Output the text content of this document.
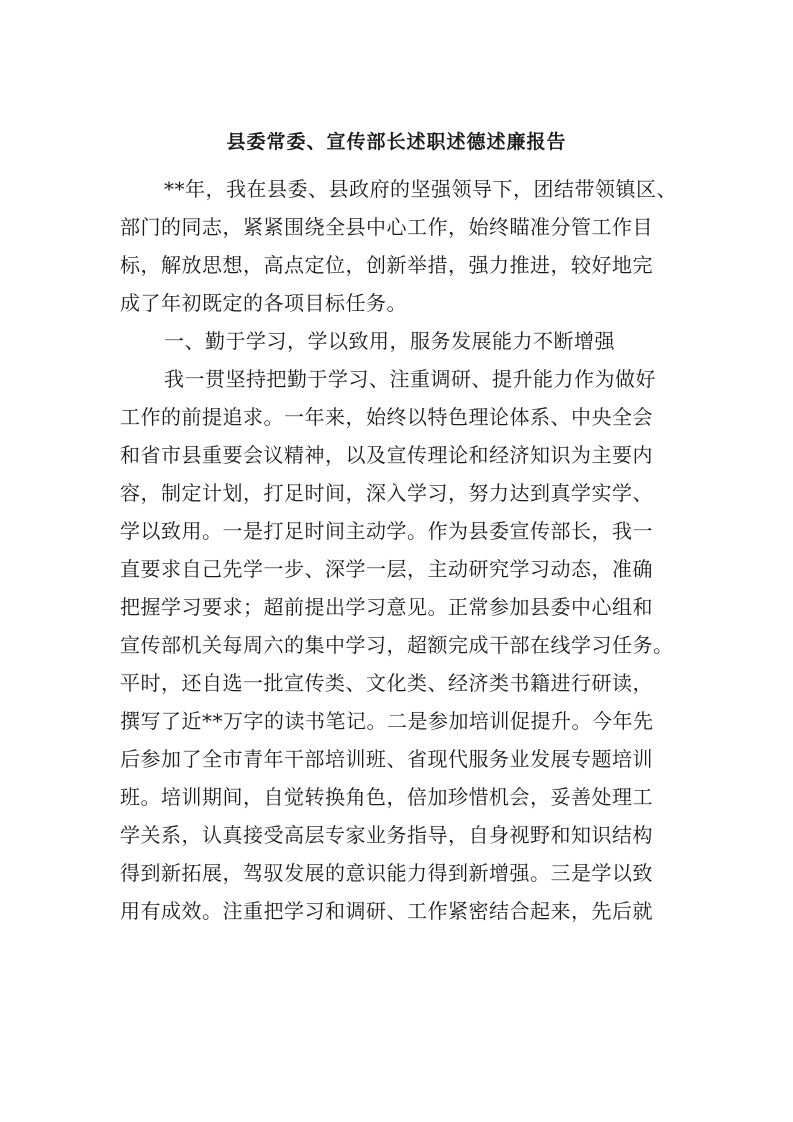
县委常委、宣传部长述职述德述廉报告
**年，我在县委、县政府的坚强领导下，团结带领镇区、
部门的同志，紧紧围绕全县中心工作，始终瞄准分管工作目
标，解放思想，高点定位，创新举措，强力推进，较好地完
成了年初既定的各项目标任务。
一、勤于学习，学以致用，服务发展能力不断增强
我一贯坚持把勤于学习、注重调研、提升能力作为做好
工作的前提追求。一年来，始终以特色理论体系、中央全会
和省市县重要会议精神，以及宣传理论和经济知识为主要内
容，制定计划，打足时间，深入学习，努力达到真学实学、
学以致用。一是打足时间主动学。作为县委宣传部长，我一
直要求自己先学一步、深学一层，主动研究学习动态，准确
把握学习要求；超前提出学习意见。正常参加县委中心组和
宣传部机关每周六的集中学习，超额完成干部在线学习任务。
平时，还自选一批宣传类、文化类、经济类书籍进行研读，
撰写了近**万字的读书笔记。二是参加培训促提升。今年先
后参加了全市青年干部培训班、省现代服务业发展专题培训
班。培训期间，自觉转换角色，倍加珍惜机会，妥善处理工
学关系，认真接受高层专家业务指导，自身视野和知识结构
得到新拓展，驾驭发展的意识能力得到新增强。三是学以致
用有成效。注重把学习和调研、工作紧密结合起来，先后就
